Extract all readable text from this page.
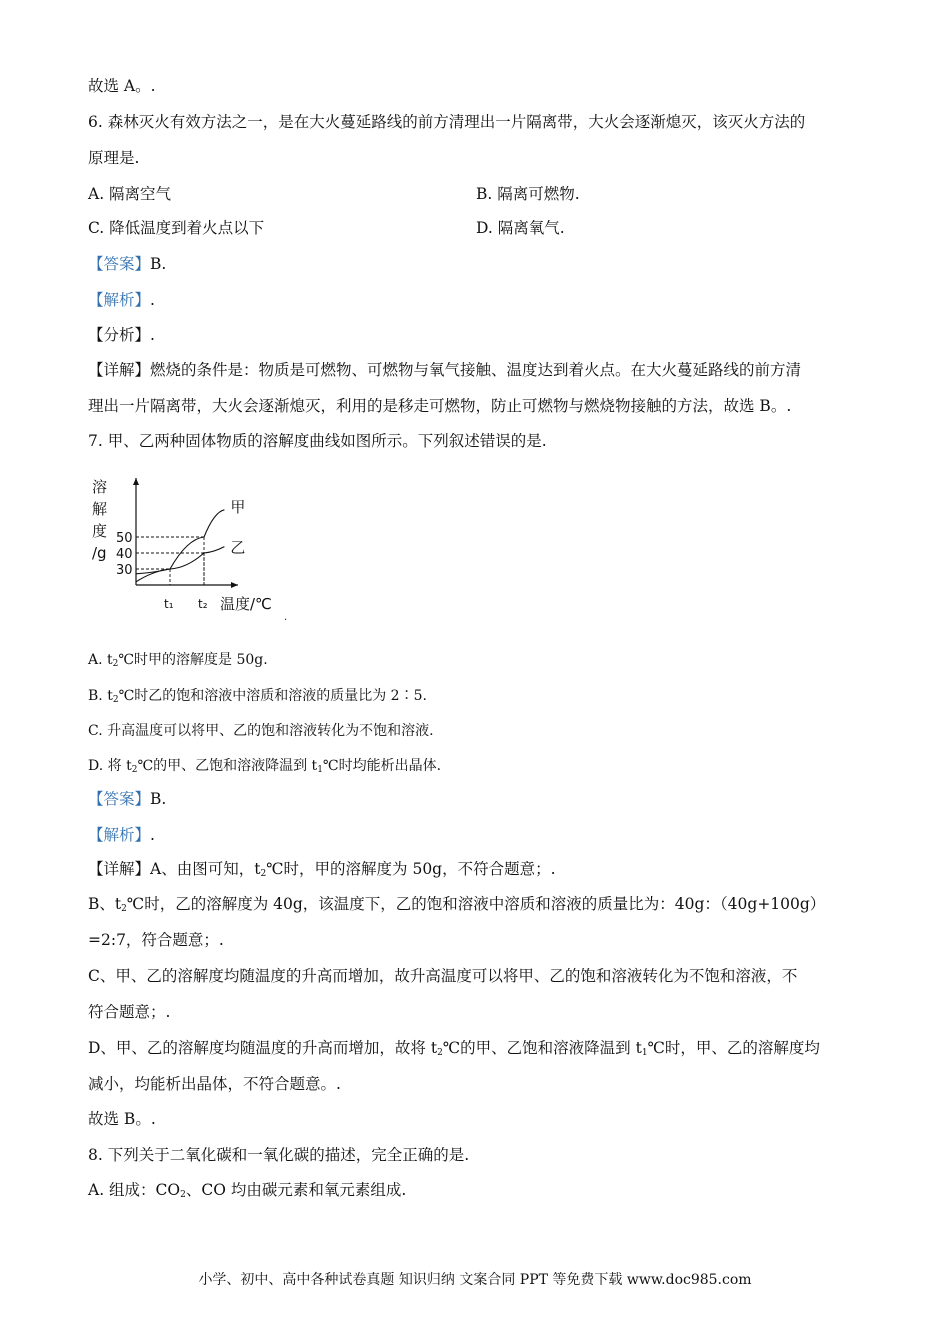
故选 A。.
6. 森林灭火有效方法之一，是在大火蔓延路线的前方清理出一片隔离带，大火会逐渐熄灭，该灭火方法的
原理是.
A. 隔离空气	B. 隔离可燃物.
C. 降低温度到着火点以下	D. 隔离氧气.
【答案】B.
【解析】.
【分析】.
【详解】燃烧的条件是：物质是可燃物、可燃物与氧气接触、温度达到着火点。在大火蔓延路线的前方清
理出一片隔离带，大火会逐渐熄灭，利用的是移走可燃物，防止可燃物与燃烧物接触的方法，故选 B。.
7. 甲、乙两种固体物质的溶解度曲线如图所示。下列叙述错误的是.
甲
乙
50
40
30
t₁ t₂
溶
解
度
/g
温度/℃
.
A. $t_2℃$时甲的溶解度是 50g.
B. $t_2℃$时乙的饱和溶液中溶质和溶液的质量比为 2∶5.
C. 升高温度可以将甲、乙的饱和溶液转化为不饱和溶液.
D. 将 $t_2℃$的甲、乙饱和溶液降温到 $t_1℃$时均能析出晶体.
【答案】B.
【解析】.
【详解】A、由图可知，$t_2℃$时，甲的溶解度为 50g，不符合题意；.
B、$t_2℃$时，乙的溶解度为 40g，该温度下，乙的饱和溶液中溶质和溶液的质量比为：40g：（40g+100g）
=2:7，符合题意；.
C、甲、乙的溶解度均随温度的升高而增加，故升高温度可以将甲、乙的饱和溶液转化为不饱和溶液，不
符合题意；.
D、甲、乙的溶解度均随温度的升高而增加，故将 $t_2℃$的甲、乙饱和溶液降温到 $t_1℃$时，甲、乙的溶解度均
减小，均能析出晶体，不符合题意。.
故选 B。.
8. 下列关于二氧化碳和一氧化碳的描述，完全正确的是.
A. 组成：$CO_2$、CO 均由碳元素和氧元素组成.
小学、初中、高中各种试卷真题 知识归纳 文案合同 PPT 等免费下载 www.doc985.com
